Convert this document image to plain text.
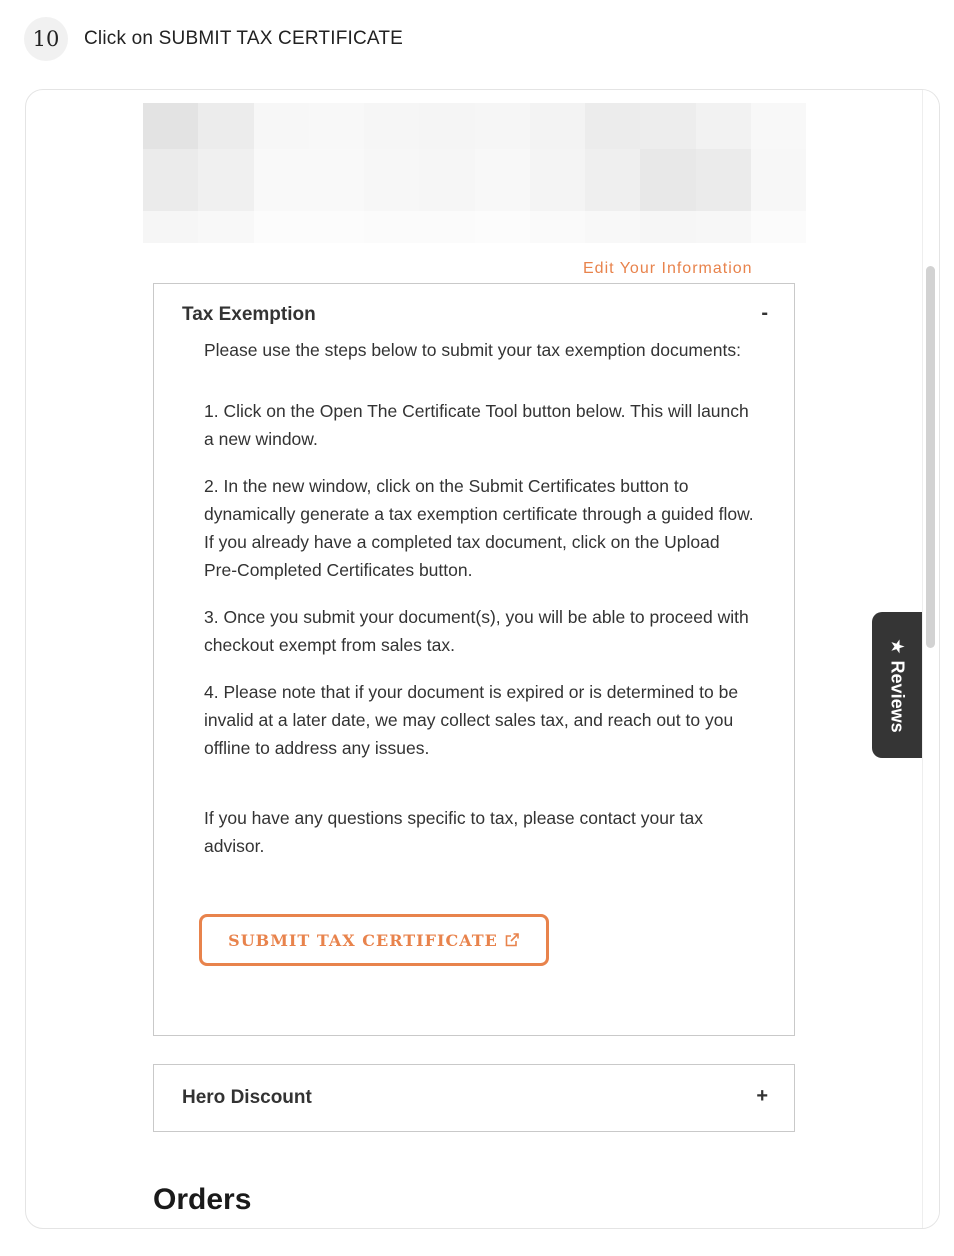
10	Click on SUBMIT TAX CERTIFICATE
Edit Your Information
Tax Exemption	-

Please use the steps below to submit your tax exemption documents:

1. Click on the Open The Certificate Tool button below. This will launch a new window.

2. In the new window, click on the Submit Certificates button to dynamically generate a tax exemption certificate through a guided flow. If you already have a completed tax document, click on the Upload Pre-Completed Certificates button.

3. Once you submit your document(s), you will be able to proceed with checkout exempt from sales tax.

4. Please note that if your document is expired or is determined to be invalid at a later date, we may collect sales tax, and reach out to you offline to address any issues.

If you have any questions specific to tax, please contact your tax advisor.

SUBMIT TAX CERTIFICATE
Hero Discount	+
Orders
★
Reviews
